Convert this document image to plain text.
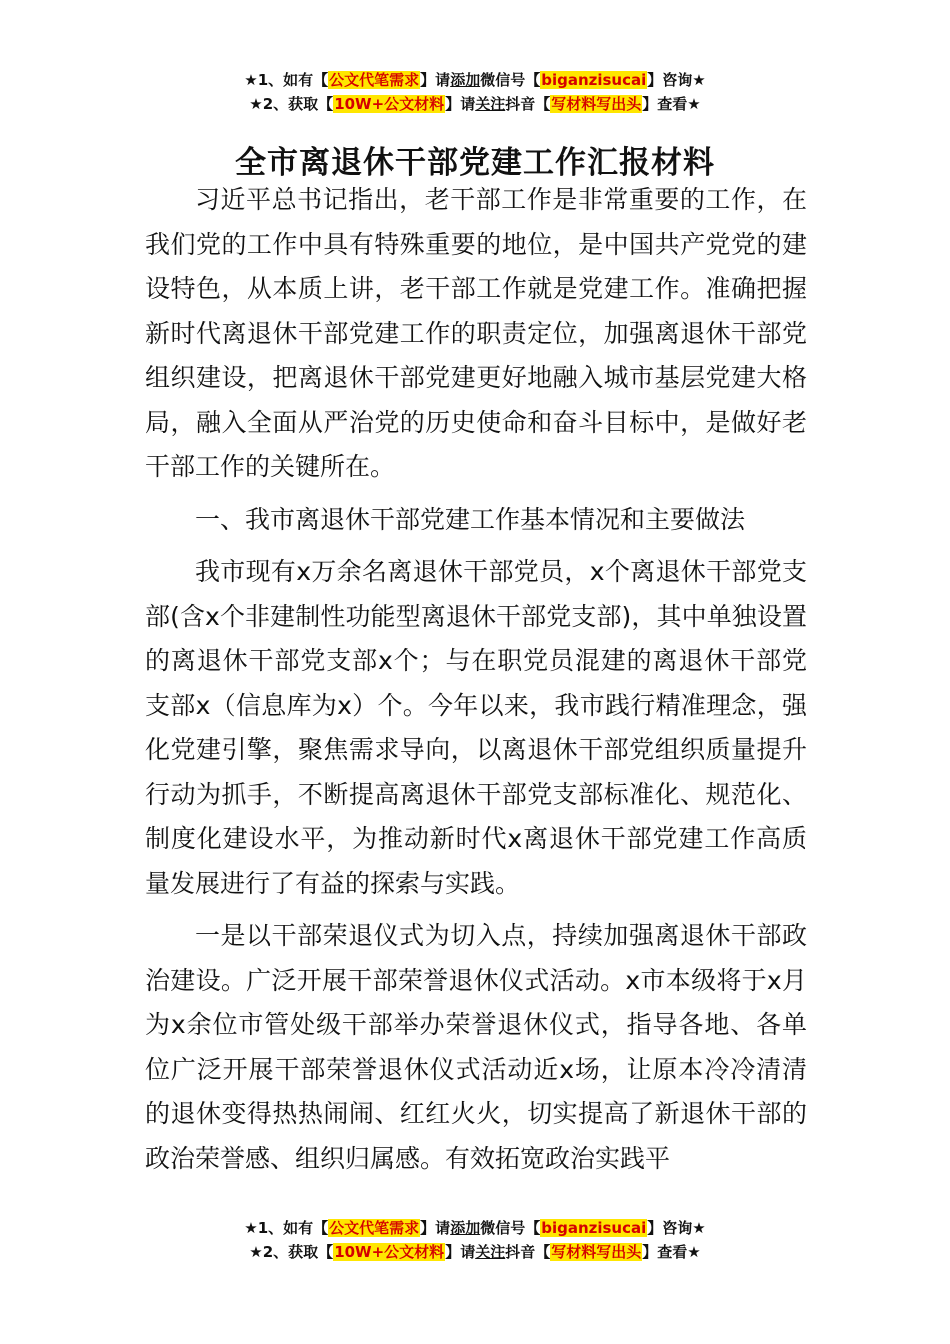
★1、如有【公文代笔需求】请添加微信号【biganzisucai】咨询★
★2、获取【10W+公文材料】请关注抖音【写材料写出头】查看★
全市离退休干部党建工作汇报材料

习近平总书记指出，老干部工作是非常重要的工作，在我们党的工作中具有特殊重要的地位，是中国共产党党的建设特色，从本质上讲，老干部工作就是党建工作。准确把握新时代离退休干部党建工作的职责定位，加强离退休干部党组织建设，把离退休干部党建更好地融入城市基层党建大格局，融入全面从严治党的历史使命和奋斗目标中，是做好老干部工作的关键所在。

一、我市离退休干部党建工作基本情况和主要做法

我市现有x万余名离退休干部党员，x个离退休干部党支部(含x个非建制性功能型离退休干部党支部)，其中单独设置的离退休干部党支部x个；与在职党员混建的离退休干部党支部x（信息库为x）个。今年以来，我市践行精准理念，强化党建引擎，聚焦需求导向，以离退休干部党组织质量提升行动为抓手，不断提高离退休干部党支部标准化、规范化、制度化建设水平，为推动新时代x离退休干部党建工作高质量发展进行了有益的探索与实践。

一是以干部荣退仪式为切入点，持续加强离退休干部政治建设。广泛开展干部荣誉退休仪式活动。x市本级将于x月为x余位市管处级干部举办荣誉退休仪式，指导各地、各单位广泛开展干部荣誉退休仪式活动近x场，让原本冷冷清清的退休变得热热闹闹、红红火火，切实提高了新退休干部的政治荣誉感、组织归属感。有效拓宽政治实践平

★1、如有【公文代笔需求】请添加微信号【biganzisucai】咨询★
★2、获取【10W+公文材料】请关注抖音【写材料写出头】查看★
